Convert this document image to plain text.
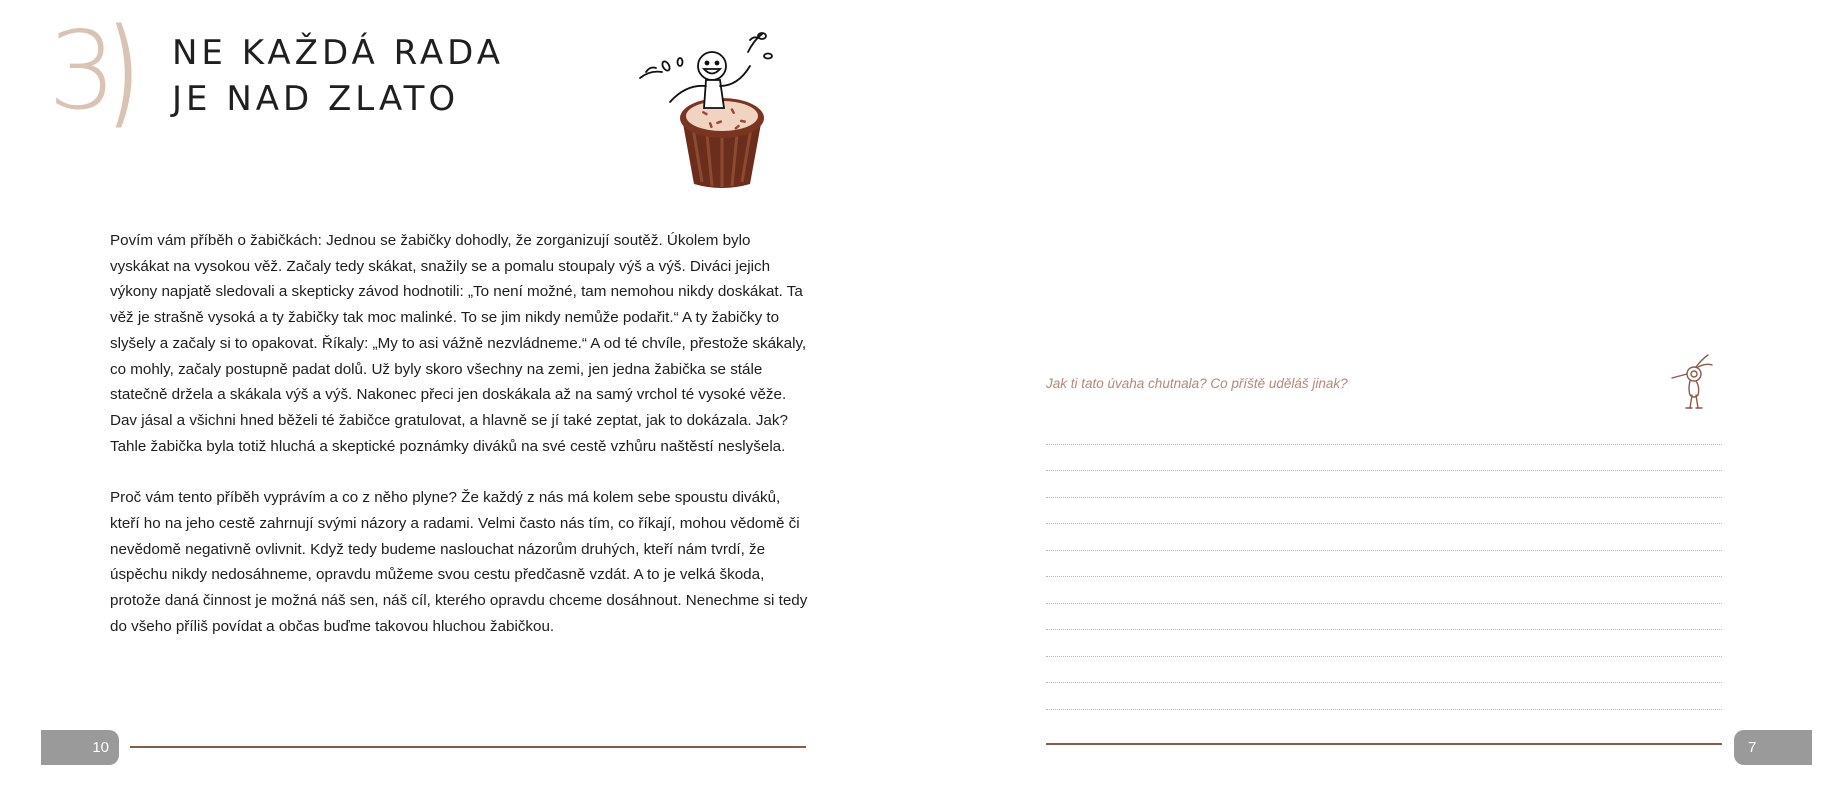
3
) NE KAŽDÁ RADA
JE NAD ZLATO

Povím vám příběh o žabičkách: Jednou se žabičky dohodly, že zorganizují soutěž. Úkolem bylo vyskákat na vysokou věž. Začaly tedy skákat, snažily se a pomalu stoupaly výš a výš. Diváci jejich výkony napjatě sledovali a skepticky závod hodnotili: „To není možné, tam nemohou nikdy doskákat. Ta věž je strašně vysoká a ty žabičky tak moc malinké. To se jim nikdy nemůže podařit.“ A ty žabičky to slyšely a začaly si to opakovat. Říkaly: „My to asi vážně nezvládneme.“ A od té chvíle, přestože skákaly, co mohly, začaly postupně padat dolů. Už byly skoro všechny na zemi, jen jedna žabička se stále statečně držela a skákala výš a výš. Nakonec přeci jen doskákala až na samý vrchol té vysoké věže. Dav jásal a všichni hned běželi té žabičce gratulovat, a hlavně se jí také zeptat, jak to dokázala. Jak? Tahle žabička byla totiž hluchá a skeptické poznámky diváků na své cestě vzhůru naštěstí neslyšela.

Proč vám tento příběh vyprávím a co z něho plyne? Že každý z nás má kolem sebe spoustu diváků, kteří ho na jeho cestě zahrnují svými názory a radami. Velmi často nás tím, co říkají, mohou vědomě či nevědomě negativně ovlivnit. Když tedy budeme naslouchat názorům druhých, kteří nám tvrdí, že úspěchu nikdy nedosáhneme, opravdu můžeme svou cestu předčasně vzdát. A to je velká škoda, protože daná činnost je možná náš sen, náš cíl, kterého opravdu chceme dosáhnout. Nenechme si tedy do všeho příliš povídat a občas buďme takovou hluchou žabičkou.

10
Jak ti tato úvaha chutnala? Co příště uděláš jinak?
7
